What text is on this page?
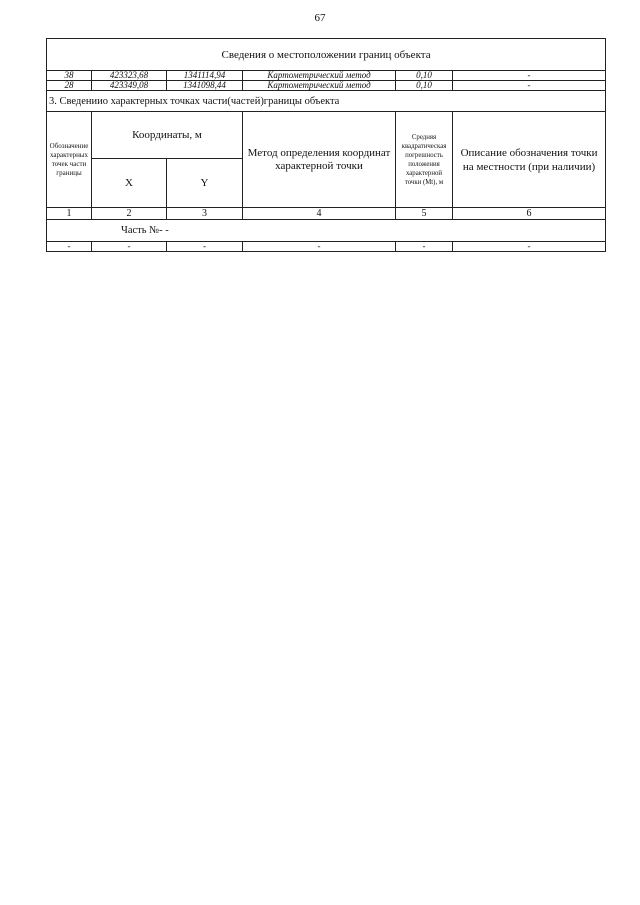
67
Сведения о местоположении границ объекта					
38	423323,68	1341114,94	Картометрический метод	0,10	-
28	423349,08	1341098,44	Картометрический метод	0,10	-
3. Сведениио характерных точках части(частей)границы объекта					
Обозначение характерных точек части границы	Координаты, м		Метод определения координат характерной точки	Средняя квадратическая погрешность положения характерной точки (Mt), м	Описание обозначения точки на местности (при наличии)
	X	Y			
1	2	3	4	5	6
Часть №- -					
-	-	-	-	-	-
